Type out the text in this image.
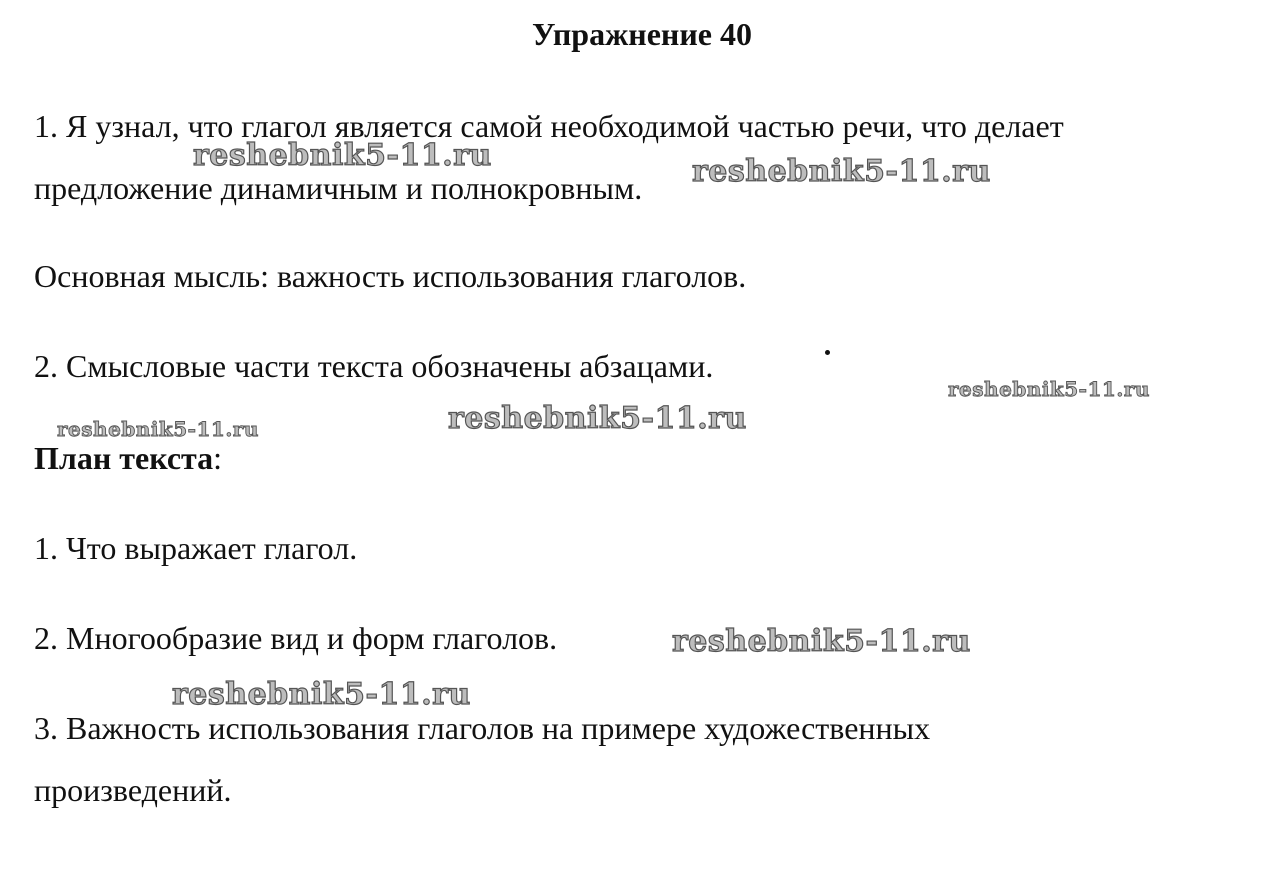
Упражнение 40
1. Я узнал, что глагол является самой необходимой частью речи, что делает
предложение динамичным и полнокровным.
Основная мысль: важность использования глаголов.
2. Смысловые части текста обозначены абзацами.
План текста:
1. Что выражает глагол.
2. Многообразие вид и форм глаголов.
3. Важность использования глаголов на примере художественных
произведений.
reshebnik5-11.ru	reshebnik5-11.ru
reshebnik5-11.ru
reshebnik5-11.ru	reshebnik5-11.ru
reshebnik5-11.ru
reshebnik5-11.ru
